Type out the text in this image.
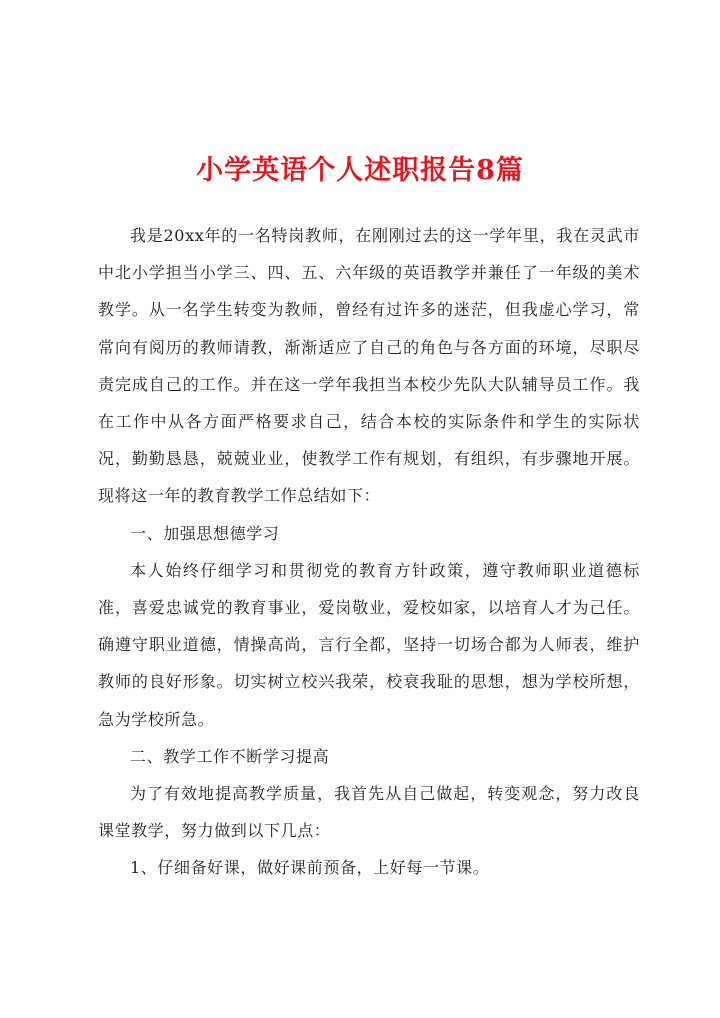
小学英语个人述职报告8篇

我是20xx年的一名特岗教师，在刚刚过去的这一学年里，我在灵武市中北小学担当小学三、四、五、六年级的英语教学并兼任了一年级的美术教学。从一名学生转变为教师，曾经有过许多的迷茫，但我虚心学习，常常向有阅历的教师请教，渐渐适应了自己的角色与各方面的环境，尽职尽责完成自己的工作。并在这一学年我担当本校少先队大队辅导员工作。我在工作中从各方面严格要求自己，结合本校的实际条件和学生的实际状况，勤勤恳恳，兢兢业业，使教学工作有规划，有组织，有步骤地开展。现将这一年的教育教学工作总结如下：

一、加强思想德学习

本人始终仔细学习和贯彻党的教育方针政策，遵守教师职业道德标准，喜爱忠诚党的教育事业，爱岗敬业，爱校如家，以培育人才为己任。确遵守职业道德，情操高尚，言行全都，坚持一切场合都为人师表，维护教师的良好形象。切实树立校兴我荣，校衰我耻的思想，想为学校所想，急为学校所急。

二、教学工作不断学习提高

为了有效地提高教学质量，我首先从自己做起，转变观念，努力改良课堂教学，努力做到以下几点：

1、仔细备好课，做好课前预备，上好每一节课。
